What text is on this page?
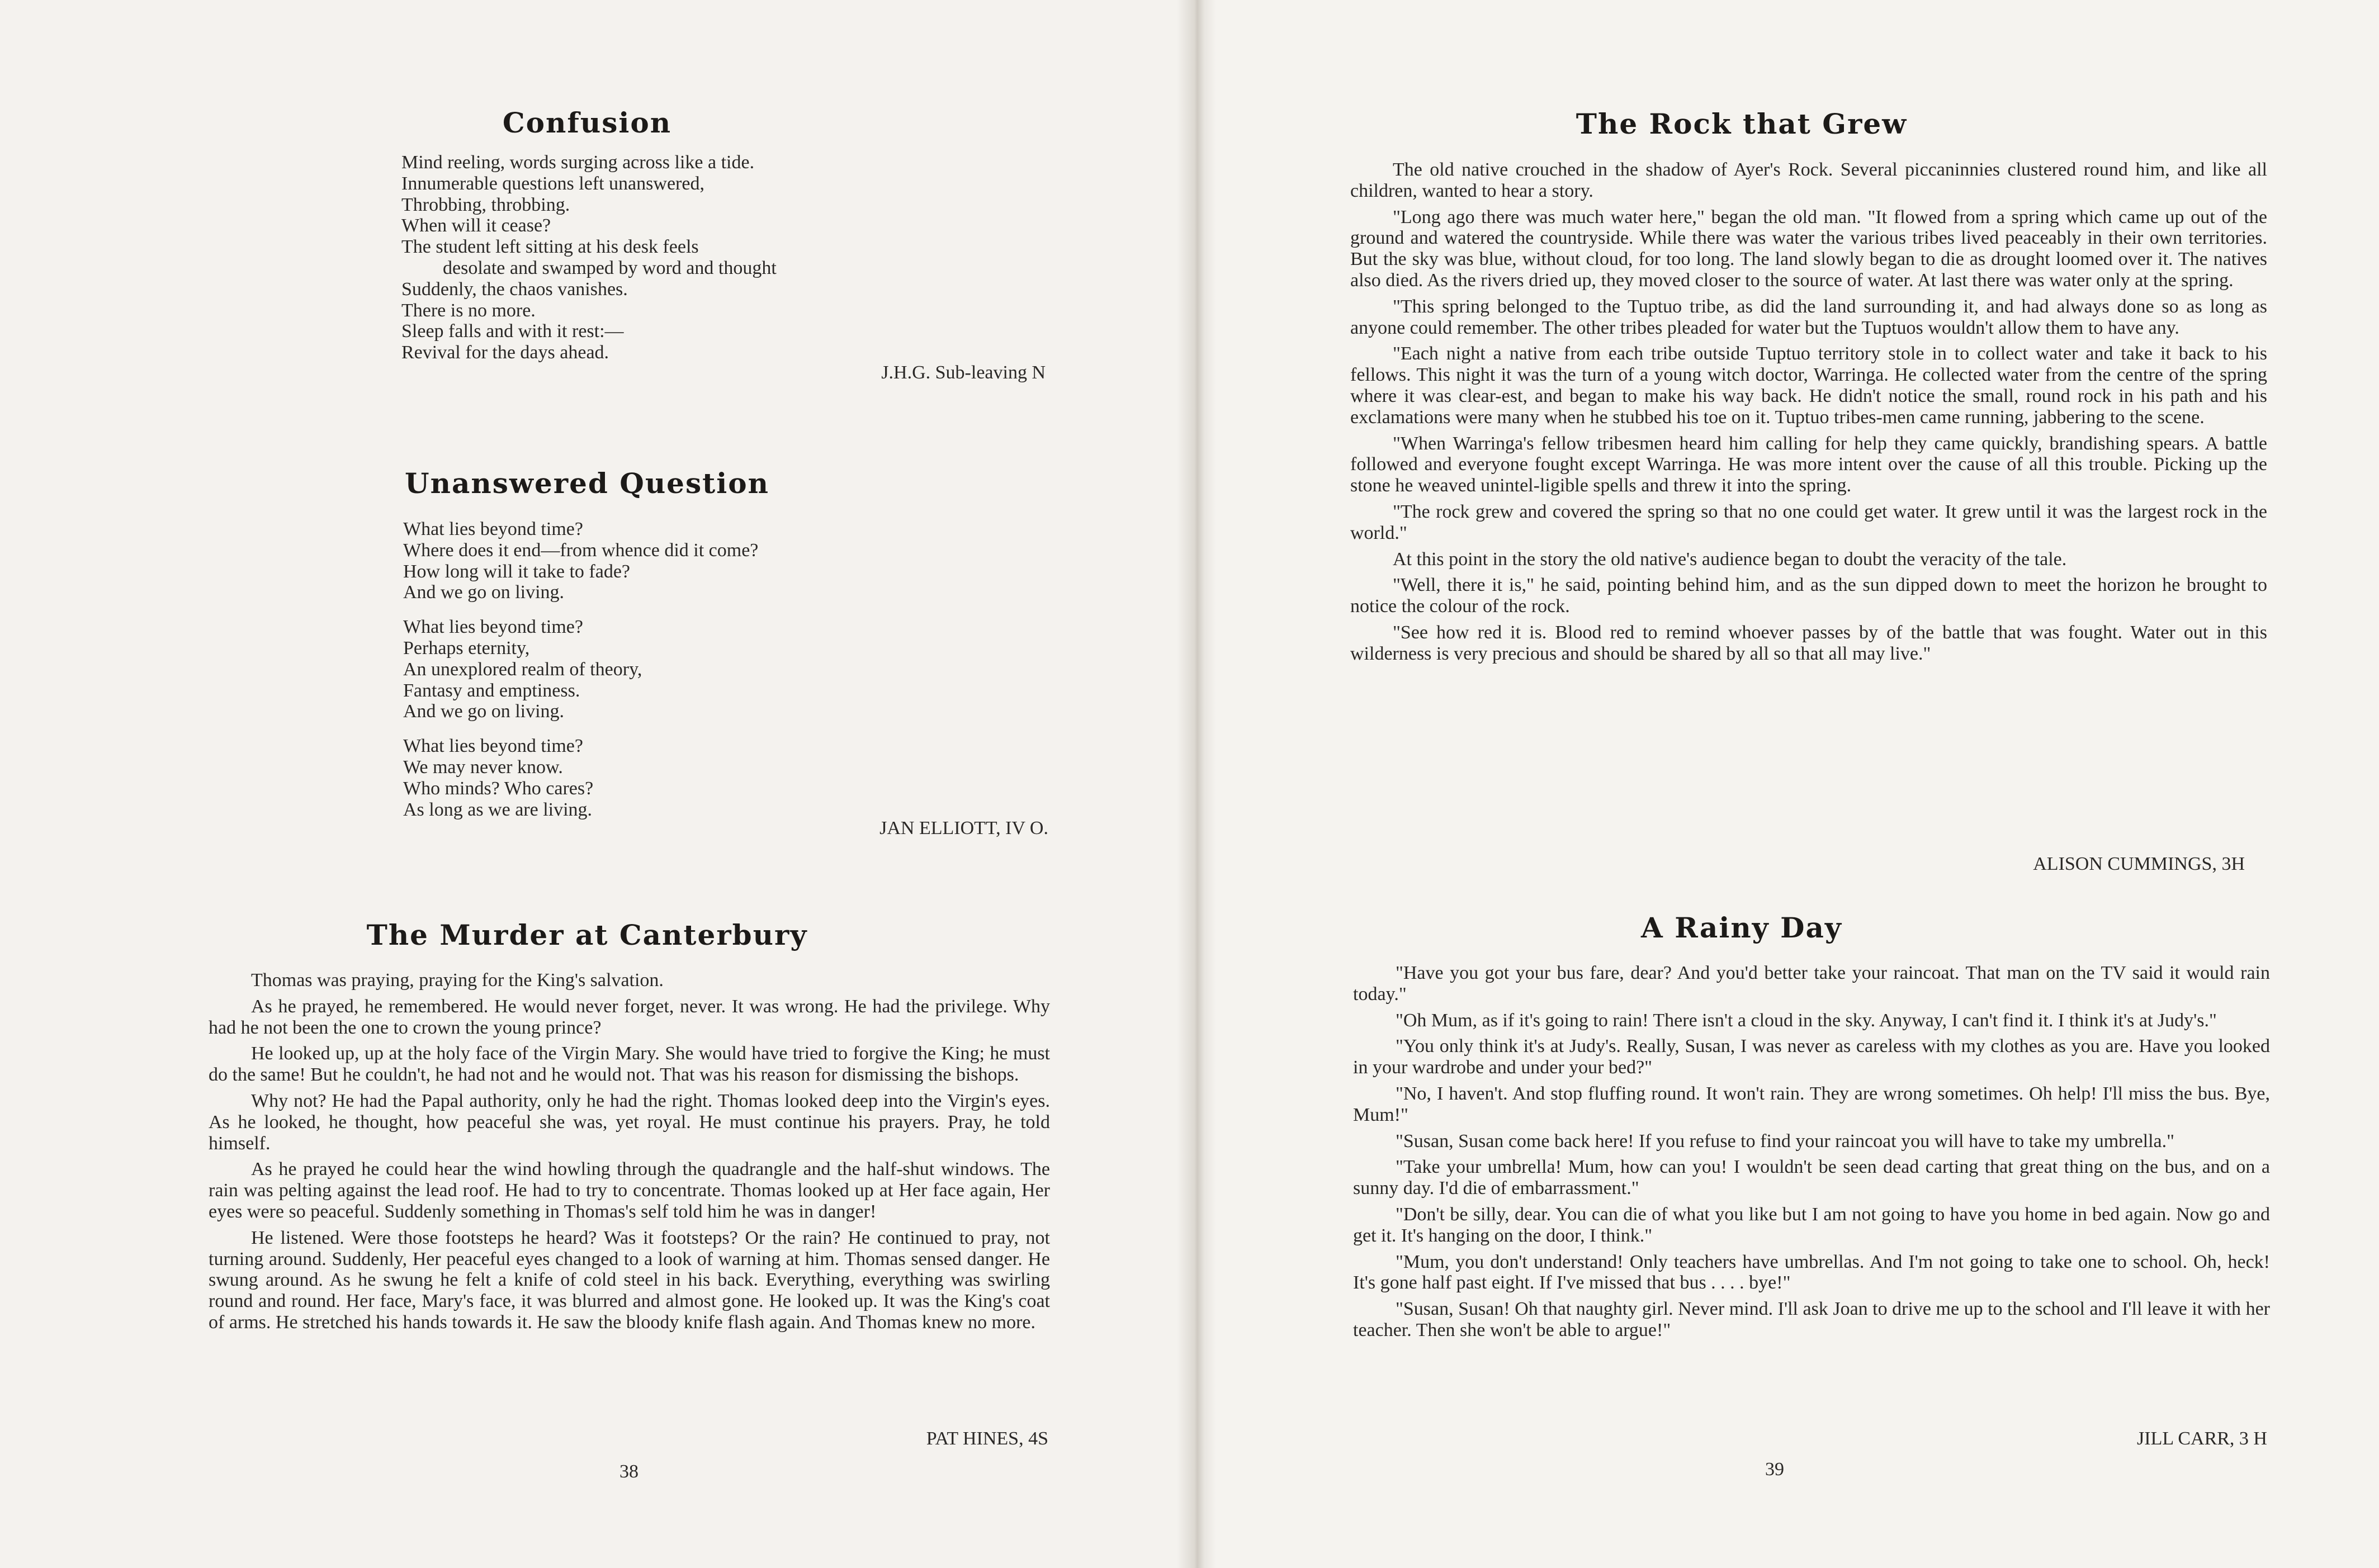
Confusion

Mind reeling, words surging across like a tide.

Innumerable questions left unanswered,

Throbbing, throbbing.

When will it cease?

The student left sitting at his desk feels

desolate and swamped by word and thought

Suddenly, the chaos vanishes.

There is no more.

Sleep falls and with it rest:—

Revival for the days ahead.

J.H.G. Sub-leaving N
Unanswered Question

What lies beyond time?

Where does it end—from whence did it come?

How long will it take to fade?

And we go on living.

What lies beyond time?

Perhaps eternity,

An unexplored realm of theory,

Fantasy and emptiness.

And we go on living.

What lies beyond time?

We may never know.

Who minds? Who cares?

As long as we are living.

JAN ELLIOTT, IV O.
The Murder at Canterbury

Thomas was praying, praying for the King's salvation.

As he prayed, he remembered. He would never forget, never. It was wrong. He had the privilege. Why had he not been the one to crown the young prince?

He looked up, up at the holy face of the Virgin Mary. She would have tried to forgive the King; he must do the same! But he couldn't, he had not and he would not. That was his reason for dismissing the bishops.

Why not? He had the Papal authority, only he had the right. Thomas looked deep into the Virgin's eyes. As he looked, he thought, how peaceful she was, yet royal. He must continue his prayers. Pray, he told himself.

As he prayed he could hear the wind howling through the quadrangle and the half-shut windows. The rain was pelting against the lead roof. He had to try to concentrate. Thomas looked up at Her face again, Her eyes were so peaceful. Suddenly something in Thomas's self told him he was in danger!

He listened. Were those footsteps he heard? Was it footsteps? Or the rain? He continued to pray, not turning around. Suddenly, Her peaceful eyes changed to a look of warning at him. Thomas sensed danger. He swung around. As he swung he felt a knife of cold steel in his back. Everything, everything was swirling round and round. Her face, Mary's face, it was blurred and almost gone. He looked up. It was the King's coat of arms. He stretched his hands towards it. He saw the bloody knife flash again. And Thomas knew no more.

PAT HINES, 4S
38
The Rock that Grew

The old native crouched in the shadow of Ayer's Rock. Several piccaninnies clustered round him, and like all children, wanted to hear a story.

"Long ago there was much water here," began the old man. "It flowed from a spring which came up out of the ground and watered the countryside. While there was water the various tribes lived peaceably in their own territories. But the sky was blue, without cloud, for too long. The land slowly began to die as drought loomed over it. The natives also died. As the rivers dried up, they moved closer to the source of water. At last there was water only at the spring.

"This spring belonged to the Tuptuo tribe, as did the land surrounding it, and had always done so as long as anyone could remember. The other tribes pleaded for water but the Tuptuos wouldn't allow them to have any.

"Each night a native from each tribe outside Tuptuo territory stole in to collect water and take it back to his fellows. This night it was the turn of a young witch doctor, Warringa. He collected water from the centre of the spring where it was clear-est, and began to make his way back. He didn't notice the small, round rock in his path and his exclamations were many when he stubbed his toe on it. Tuptuo tribes-men came running, jabbering to the scene.

"When Warringa's fellow tribesmen heard him calling for help they came quickly, brandishing spears. A battle followed and everyone fought except Warringa. He was more intent over the cause of all this trouble. Picking up the stone he weaved unintel-ligible spells and threw it into the spring.

"The rock grew and covered the spring so that no one could get water. It grew until it was the largest rock in the world."

At this point in the story the old native's audience began to doubt the veracity of the tale.

"Well, there it is," he said, pointing behind him, and as the sun dipped down to meet the horizon he brought to notice the colour of the rock.

"See how red it is. Blood red to remind whoever passes by of the battle that was fought. Water out in this wilderness is very precious and should be shared by all so that all may live."

ALISON CUMMINGS, 3H
A Rainy Day

"Have you got your bus fare, dear? And you'd better take your raincoat. That man on the TV said it would rain today."

"Oh Mum, as if it's going to rain! There isn't a cloud in the sky. Anyway, I can't find it. I think it's at Judy's."

"You only think it's at Judy's. Really, Susan, I was never as careless with my clothes as you are. Have you looked in your wardrobe and under your bed?"

"No, I haven't. And stop fluffing round. It won't rain. They are wrong sometimes. Oh help! I'll miss the bus. Bye, Mum!"

"Susan, Susan come back here! If you refuse to find your raincoat you will have to take my umbrella."

"Take your umbrella! Mum, how can you! I wouldn't be seen dead carting that great thing on the bus, and on a sunny day. I'd die of embarrassment."

"Don't be silly, dear. You can die of what you like but I am not going to have you home in bed again. Now go and get it. It's hanging on the door, I think."

"Mum, you don't understand! Only teachers have umbrellas. And I'm not going to take one to school. Oh, heck! It's gone half past eight. If I've missed that bus . . . . bye!"

"Susan, Susan! Oh that naughty girl. Never mind. I'll ask Joan to drive me up to the school and I'll leave it with her teacher. Then she won't be able to argue!"

JILL CARR, 3 H
39
